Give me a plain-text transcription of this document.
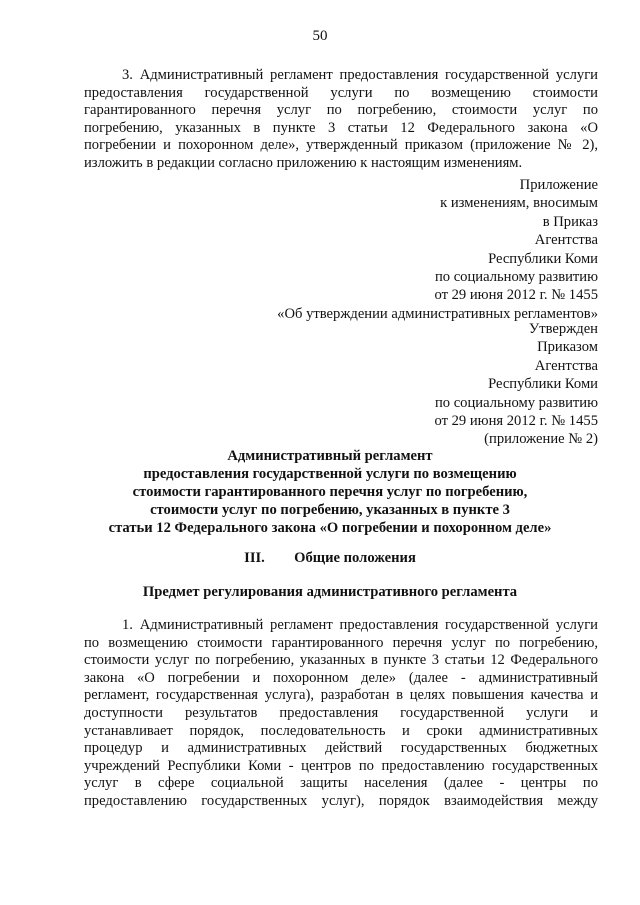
50
3. Административный регламент предоставления государственной услуги
предоставления государственной услуги по возмещению стоимости
гарантированного перечня услуг по погребению, стоимости услуг по
погребению, указанных в пункте 3 статьи 12 Федерального закона «О
погребении и похоронном деле», утвержденный приказом (приложение № 2),
изложить в редакции согласно приложению к настоящим изменениям.
Приложение
к изменениям, вносимым
в Приказ
Агентства
Республики Коми
по социальному развитию
от 29 июня 2012 г. № 1455
«Об утверждении административных регламентов»
Утвержден
Приказом
Агентства
Республики Коми
по социальному развитию
от 29 июня 2012 г. № 1455
(приложение № 2)
Административный регламент
предоставления государственной услуги по возмещению
стоимости гарантированного перечня услуг по погребению,
стоимости услуг по погребению, указанных в пункте 3
статьи 12 Федерального закона «О погребении и похоронном деле»
III. Общие положения
Предмет регулирования административного регламента
1. Административный регламент предоставления государственной услуги
по возмещению стоимости гарантированного перечня услуг по погребению,
стоимости услуг по погребению, указанных в пункте 3 статьи 12 Федерального
закона «О погребении и похоронном деле» (далее - административный
регламент, государственная услуга), разработан в целях повышения качества и
доступности результатов предоставления государственной услуги и
устанавливает порядок, последовательность и сроки административных
процедур и административных действий государственных бюджетных
учреждений Республики Коми - центров по предоставлению государственных
услуг в сфере социальной защиты населения (далее - центры по
предоставлению государственных услуг), порядок взаимодействия между
